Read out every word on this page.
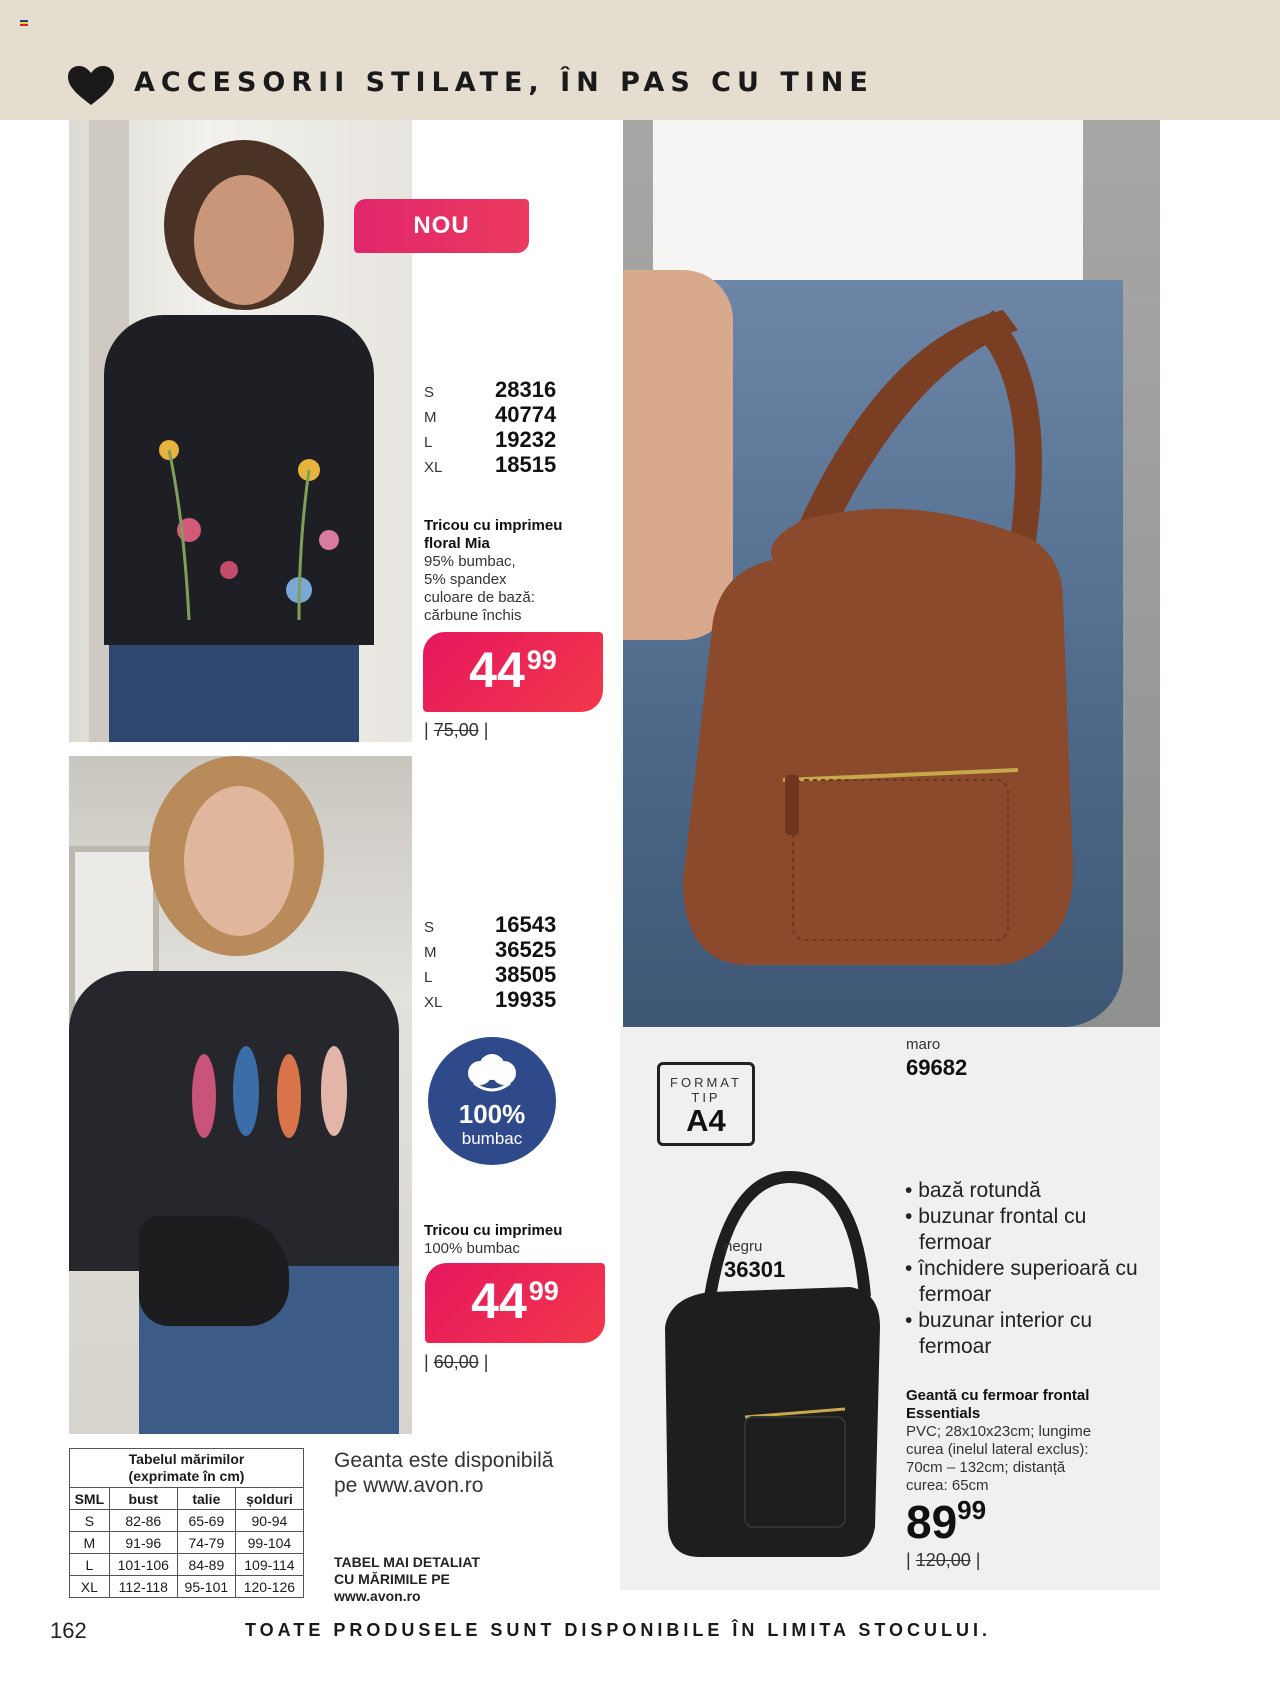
ACCESORII STILATE, ÎN PAS CU TINE
NOU
S	28316
M	40774
L	19232
XL	18515
Tricou cu imprimeu
floral Mia
95% bumbac,
5% spandex
culoare de bază:
cărbune închis
44 99
| 75,00 |
S	16543
M	36525
L	38505
XL	19935
100%
bumbac
Tricou cu imprimeu
100% bumbac
44 99
| 60,00 |
FORMAT
TIP
A4
maro
69682
negru
36301
• bază rotundă
• buzunar frontal cu fermoar
• închidere superioară cu fermoar
• buzunar interior cu fermoar
Geantă cu fermoar frontal
Essentials
PVC; 28x10x23cm; lungime
curea (inelul lateral exclus):
70cm – 132cm; distanță
curea: 65cm
8999
| 120,00 |
Tabelul mărimilor
(exprimate în cm)
SML	bust	talie	șolduri
S	82-86	65-69	90-94
M	91-96	74-79	99-104
L	101-106	84-89	109-114
XL	112-118	95-101	120-126
Geanta este disponibilă
pe www.avon.ro
TABEL MAI DETALIAT
CU MĂRIMILE PE
www.avon.ro
162	TOATE PRODUSELE SUNT DISPONIBILE ÎN LIMITA STOCULUI.
